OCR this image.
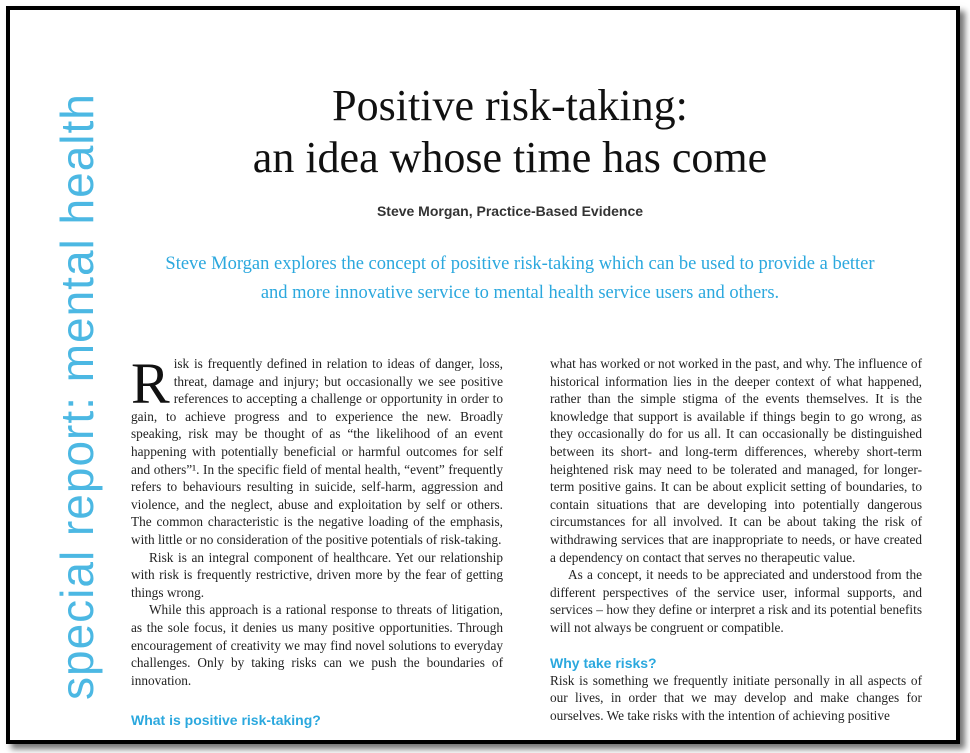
special report: mental health	Positive risk-taking:
an idea whose time has come
Steve Morgan, Practice-Based Evidence
Steve Morgan explores the concept of positive risk-taking which can be used to provide a better
and more innovative service to mental health service users and others.

Risk is frequently defined in relation to ideas of danger, loss, threat, damage and injury; but occasionally we see positive references to accepting a challenge or opportunity in order to gain, to achieve progress and to experience the new. Broadly speaking, risk may be thought of as “the likelihood of an event happening with potentially beneficial or harmful outcomes for self and others”¹. In the specific field of mental health, “event” frequently refers to behaviours resulting in suicide, self-harm, aggression and violence, and the neglect, abuse and exploitation by self or others. The common characteristic is the negative loading of the emphasis, with little or no consideration of the positive potentials of risk-taking.

Risk is an integral component of healthcare. Yet our relationship with risk is frequently restrictive, driven more by the fear of getting things wrong.

While this approach is a rational response to threats of litigation, as the sole focus, it denies us many positive opportunities. Through encouragement of creativity we may find novel solutions to everyday challenges. Only by taking risks can we push the boundaries of innovation.

What is positive risk-taking?

what has worked or not worked in the past, and why. The influence of historical information lies in the deeper context of what happened, rather than the simple stigma of the events themselves. It is the knowledge that support is available if things begin to go wrong, as they occasionally do for us all. It can occasionally be distinguished between its short- and long-term differences, whereby short-term heightened risk may need to be tolerated and managed, for longer-term positive gains. It can be about explicit setting of boundaries, to contain situations that are developing into potentially dangerous circumstances for all involved. It can be about taking the risk of withdrawing services that are inappropriate to needs, or have created a dependency on contact that serves no therapeutic value.

As a concept, it needs to be appreciated and understood from the different perspectives of the service user, informal supports, and services – how they define or interpret a risk and its potential benefits will not always be congruent or compatible.

Why take risks?

Risk is something we frequently initiate personally in all aspects of our lives, in order that we may develop and make changes for ourselves. We take risks with the intention of achieving positive
